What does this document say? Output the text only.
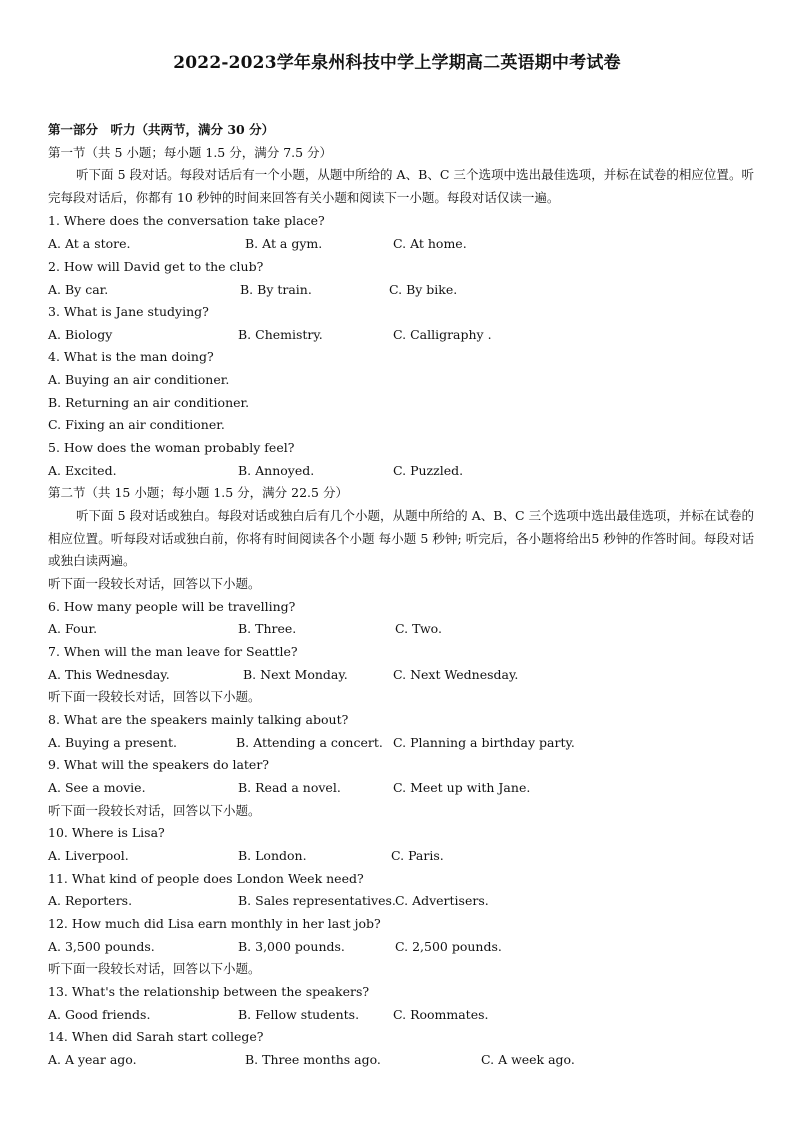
2022-2023学年泉州科技中学上学期高二英语期中考试卷
第一部分　听力（共两节，满分 30 分）
第一节（共 5 小题；每小题 1.5 分，满分 7.5 分）
听下面 5 段对话。每段对话后有一个小题，从题中所给的 A、B、C 三个选项中选出最佳选项，并标在试卷的相应位置。听完每段对话后，你都有 10 秒钟的时间来回答有关小题和阅读下一小题。每段对话仅读一遍。
1. Where does the conversation take place?
A. At a store.	B. At a gym.	C. At home.
2. How will David get to the club?
A. By car.	B. By train.	C. By bike.
3. What is Jane studying?
A. Biology	B. Chemistry.	C. Calligraphy .
4. What is the man doing?
A. Buying an air conditioner.
B. Returning an air conditioner.
C. Fixing an air conditioner.
5. How does the woman probably feel?
A. Excited.	B. Annoyed.	C. Puzzled.
第二节（共 15 小题；每小题 1.5 分，满分 22.5 分）
听下面 5 段对话或独白。每段对话或独白后有几个小题，从题中所给的 A、B、C 三个选项中选出最佳选项，并标在试卷的相应位置。听每段对话或独白前，你将有时间阅读各个小题 每小题 5 秒钟; 听完后，各小题将给出5 秒钟的作答时间。每段对话或独白读两遍。
听下面一段较长对话，回答以下小题。
6. How many people will be travelling?
A. Four.	B. Three.	C. Two.
7. When will the man leave for Seattle?
A. This Wednesday.	B. Next Monday.	C. Next Wednesday.
听下面一段较长对话，回答以下小题。
8. What are the speakers mainly talking about?
A. Buying a present.	B. Attending a concert. C. Planning a birthday party.
9. What will the speakers do later?
A. See a movie.	B. Read a novel.	C. Meet up with Jane.
听下面一段较长对话，回答以下小题。
10. Where is Lisa?
A. Liverpool.	B. London.	C. Paris.
11. What kind of people does London Week need?
A. Reporters.	B. Sales representatives. C. Advertisers.
12. How much did Lisa earn monthly in her last job?
A. 3,500 pounds.	B. 3,000 pounds.	C. 2,500 pounds.
听下面一段较长对话，回答以下小题。
13. What's the relationship between the speakers?
A. Good friends.	B. Fellow students.	C. Roommates.
14. When did Sarah start college?
A. A year ago.	B. Three months ago.	C. A week ago.
